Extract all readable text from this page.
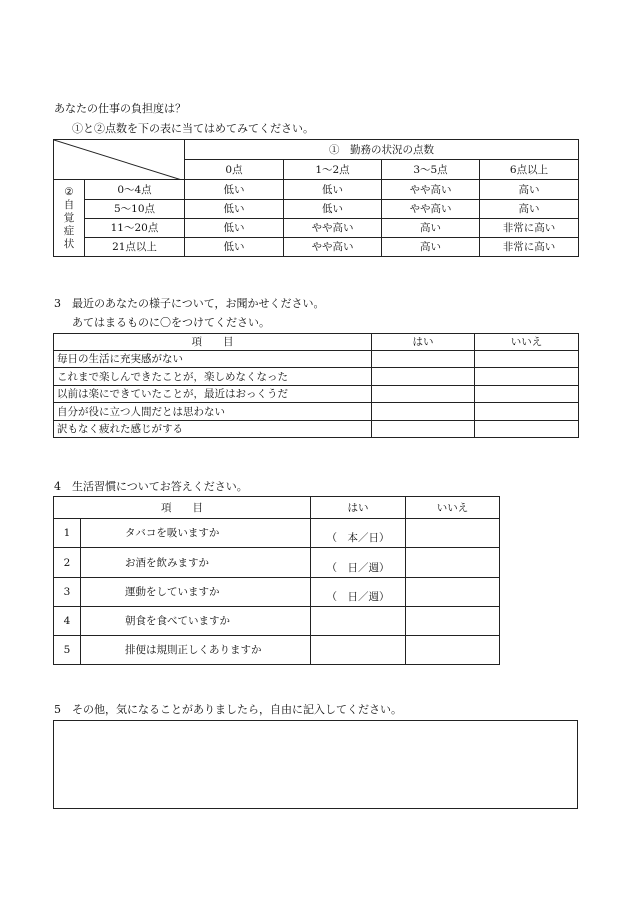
あなたの仕事の負担度は？
①と②点数を下の表に当てはめてみてください。
	①　勤務の状況の点数			
		0点	1～2点	3～5点	6点以上

②
自
覚
症
状	0～4点	低い	低い	やや高い	高い
	5～10点	低い	低い	やや高い	高い
	11～20点	低い	やや高い	高い	非常に高い
	21点以上	低い	やや高い	高い	非常に高い
3　最近のあなたの様子について，お聞かせください。
あてはまるものに〇をつけてください。
項　　目	はい	いいえ
毎日の生活に充実感がない		
これまで楽しんできたことが，楽しめなくなった		
以前は楽にできていたことが，最近はおっくうだ		
自分が役に立つ人間だとは思わない		
訳もなく疲れた感じがする		
4　生活習慣についてお答えください。
項　　目		はい	いいえ
1	タバコを吸いますか	（　本／日）	
2	お酒を飲みますか	（　日／週）	
3	運動をしていますか	（　日／週）	
4	朝食を食べていますか		
5	排便は規則正しくありますか		
5　その他，気になることがありましたら，自由に記入してください。
